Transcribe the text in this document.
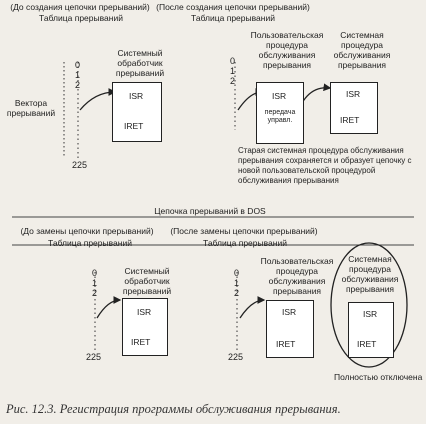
(До создания цепочки прерываний)
Таблица прерываний
(После создания цепочки прерываний)
Таблица прерываний
Вектора прерываний
0
1
2
225
0
1
2
Системный обработчик прерываний
ISR
IRET
Пользовательская процедура обслуживания прерывания
ISR
передача управл.
Системная процедура обслуживания прерывания
ISR
IRET
Старая системная процедура обслуживания прерывания сохраняется и образует цепочку с новой пользовательской процедурой обслуживания прерывания
Цепочка прерываний в DOS
(До замены цепочки прерываний)
Таблица прерываний
(После замены цепочки прерываний)
Таблица прерываний
0
1
2
225
0
1
2
225
Системный обработчик прерываний
ISR
IRET
Пользовательская процедура обслуживания прерывания
ISR
IRET
Системная процедура обслуживания прерывания
ISR
IRET
Полностью отключена
Рис. 12.3. Регистрация программы обслуживания прерывания.
